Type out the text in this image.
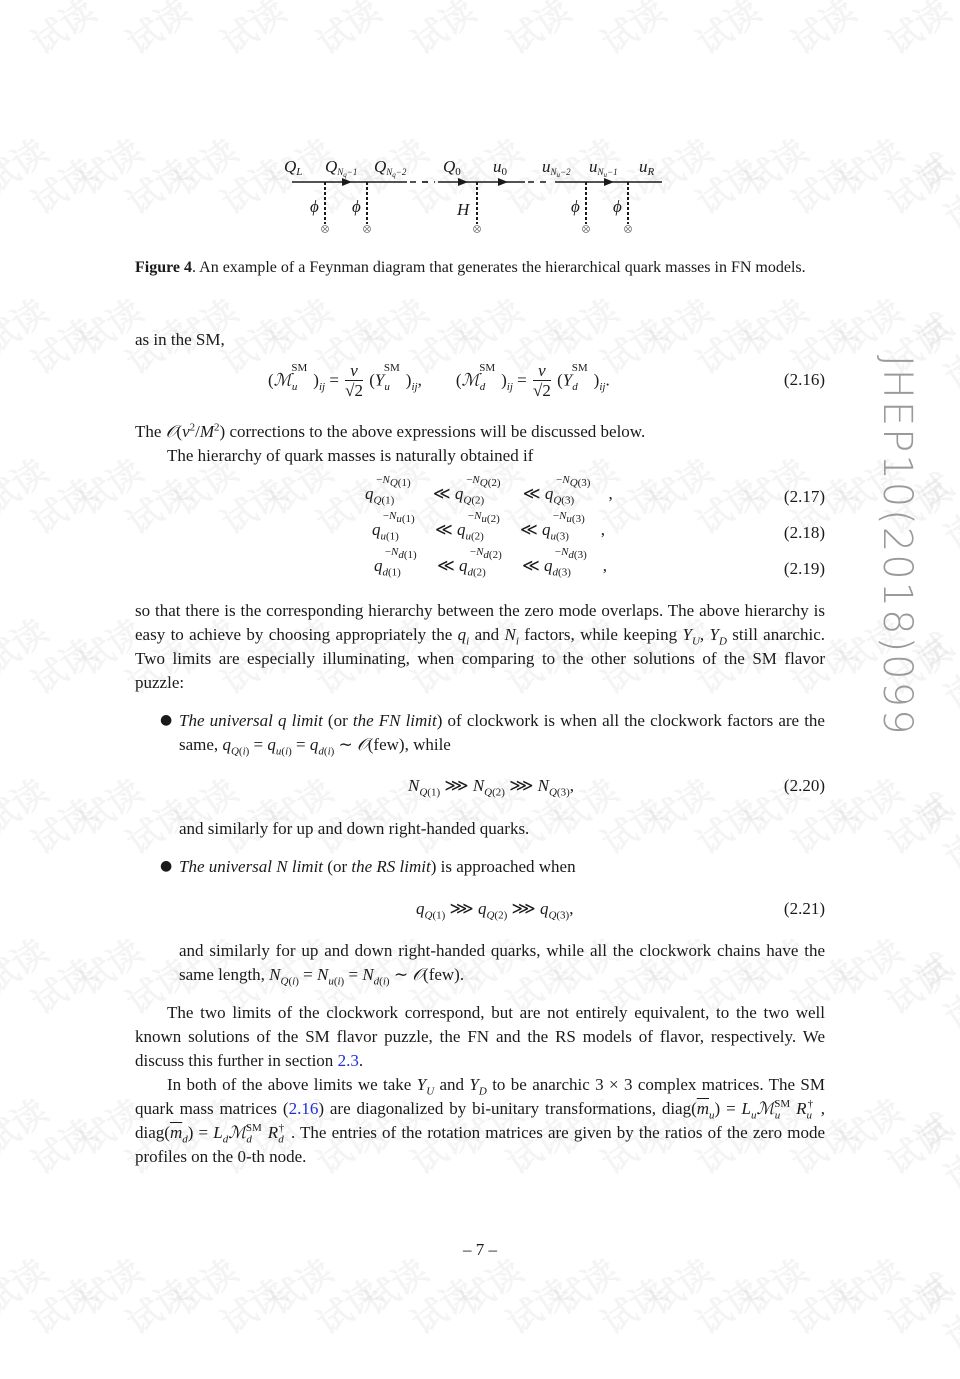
QL QNq−1 QNq−2 Q0 u0 uNu−2 uNu−1 uR
ϕ ϕ	H	ϕ ϕ
Figure 4. An example of a Feynman diagram that generates the hierarchical quark masses in FN models.
as in the SM,
$(ℳ_u℠)_{ij} = \frac{v}{√2} (Y_u℠)_{ij}$,        $(ℳ_d℠)_{ij} = \frac{v}{√2} (Y_d℠)_{ij}$.	(2.16)
The $𝒪(v^2/M^2)$ corrections to the above expressions will be discussed below.
The hierarchy of quark masses is naturally obtained if
$q_{Q(1)}^{-N_{Q(1)}}$ ≪ $q_{Q(2)}^{-N_{Q(2)}}$ ≪ $q_{Q(3)}^{-N_{Q(3)}}$,	(2.17)
$q_{u(1)}^{-N_{u(1)}}$ ≪ $q_{u(2)}^{-N_{u(2)}}$ ≪ $q_{u(3)}^{-N_{u(3)}}$,	(2.18)
$q_{d(1)}^{-N_{d(1)}}$ ≪ $q_{d(2)}^{-N_{d(2)}}$ ≪ $q_{d(3)}^{-N_{d(3)}}$,	(2.19)
so that there is the corresponding hierarchy between the zero mode overlaps. The above hierarchy is easy to achieve by choosing appropriately the $q_i$ and $N_i$ factors, while keeping $Y_U$, $Y_D$ still anarchic. Two limits are especially illuminating, when comparing to the other solutions of the SM flavor puzzle:
● The universal q limit (or the FN limit) of clockwork is when all the clockwork factors are the same, $q_{Q(i)} = q_{u(i)} = q_{d(i)}$ ∼ 𝒪(few), while
$N_{Q(1)}$ ⋙ $N_{Q(2)}$ ⋙ $N_{Q(3)}$,	(2.20)
and similarly for up and down right-handed quarks.
● The universal N limit (or the RS limit) is approached when
$q_{Q(1)}$ ⋙ $q_{Q(2)}$ ⋙ $q_{Q(3)}$,	(2.21)
and similarly for up and down right-handed quarks, while all the clockwork chains have the same length, $N_{Q(i)} = N_{u(i)} = N_{d(i)}$ ∼ 𝒪(few).
The two limits of the clockwork correspond, but are not entirely equivalent, to the two well known solutions of the SM flavor puzzle, the FN and the RS models of flavor, respectively. We discuss this further in section 2.3.
In both of the above limits we take $Y_U$ and $Y_D$ to be anarchic 3 × 3 complex matrices. The SM quark mass matrices (2.16) are diagonalized by bi-unitary transformations, $diag(\overline{m}_u)$ = $L_uℳ_u℠$ $R_u^\dagger$ , $diag(\overline{m}_d)$ = $L_dℳ_d℠$ $R_d^\dagger$ . The entries of the rotation matrices are given by the ratios of the zero mode profiles on the 0-th node.
JHEP10(2018)099
– 7 –
